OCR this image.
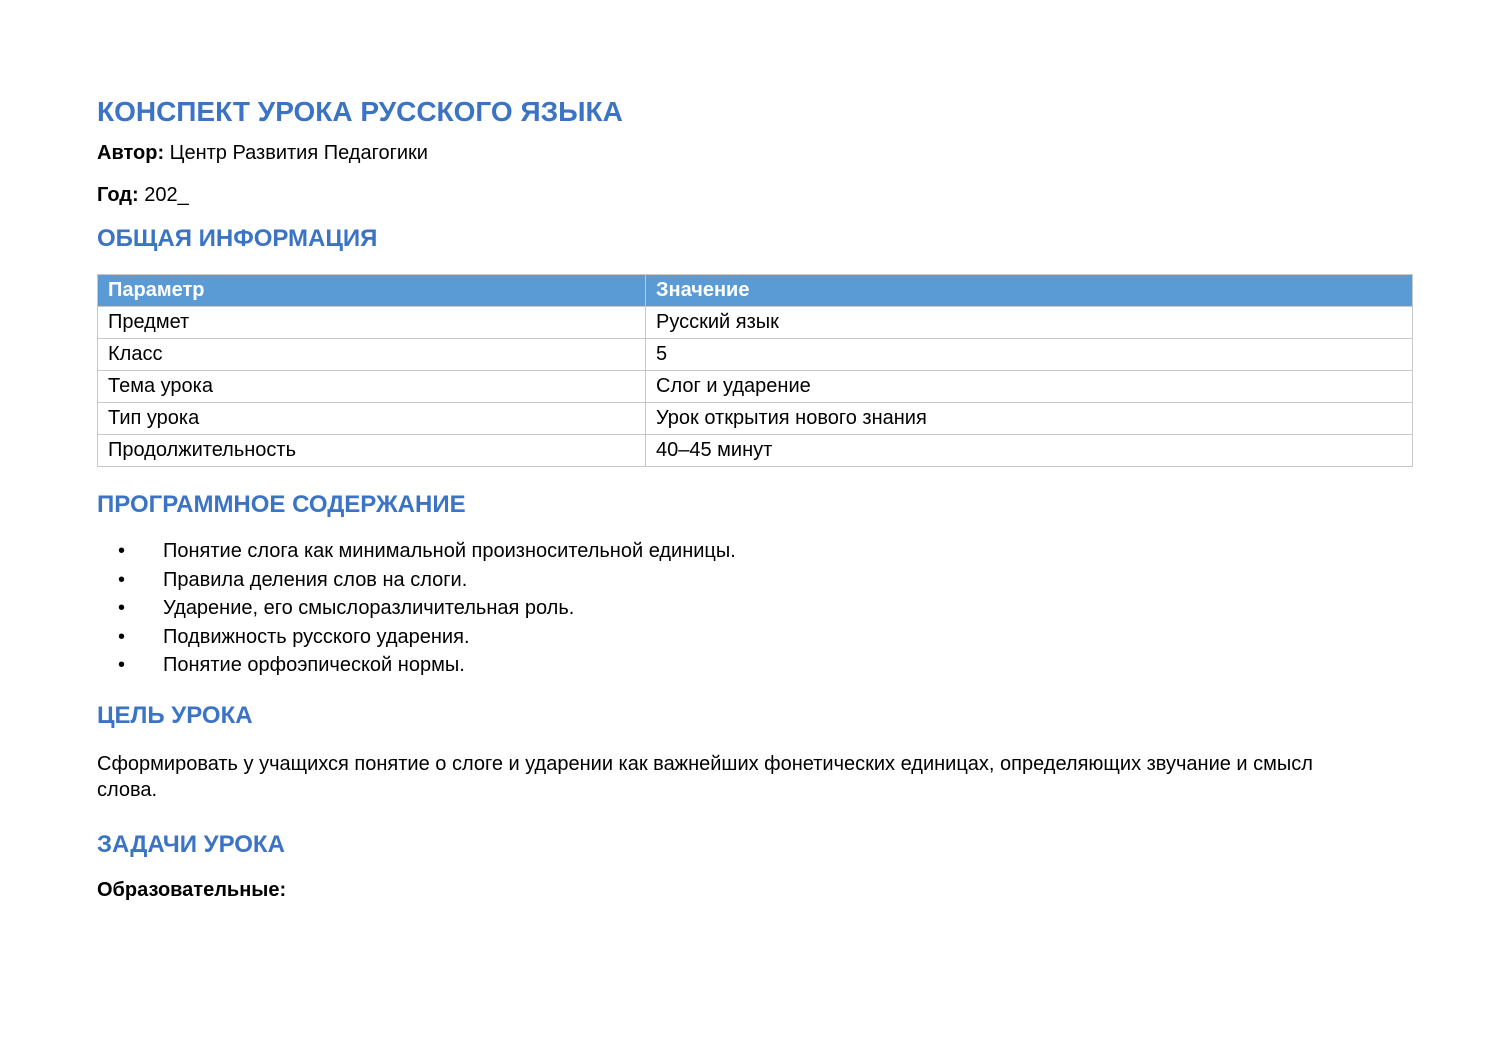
КОНСПЕКТ УРОКА РУССКОГО ЯЗЫКА
Автор: Центр Развития Педагогики
Год: 202_
ОБЩАЯ ИНФОРМАЦИЯ
Параметр	Значение
Предмет	Русский язык
Класс	5
Тема урока	Слог и ударение
Тип урока	Урок открытия нового знания
Продолжительность	40–45 минут
ПРОГРАММНОЕ СОДЕРЖАНИЕ
• Понятие слога как минимальной произносительной единицы.
• Правила деления слов на слоги.
• Ударение, его смыслоразличительная роль.
• Подвижность русского ударения.
• Понятие орфоэпической нормы.
ЦЕЛЬ УРОКА

Сформировать у учащихся понятие о слоге и ударении как важнейших фонетических единицах, определяющих звучание и смысл слова.

ЗАДАЧИ УРОКА

Образовательные:
